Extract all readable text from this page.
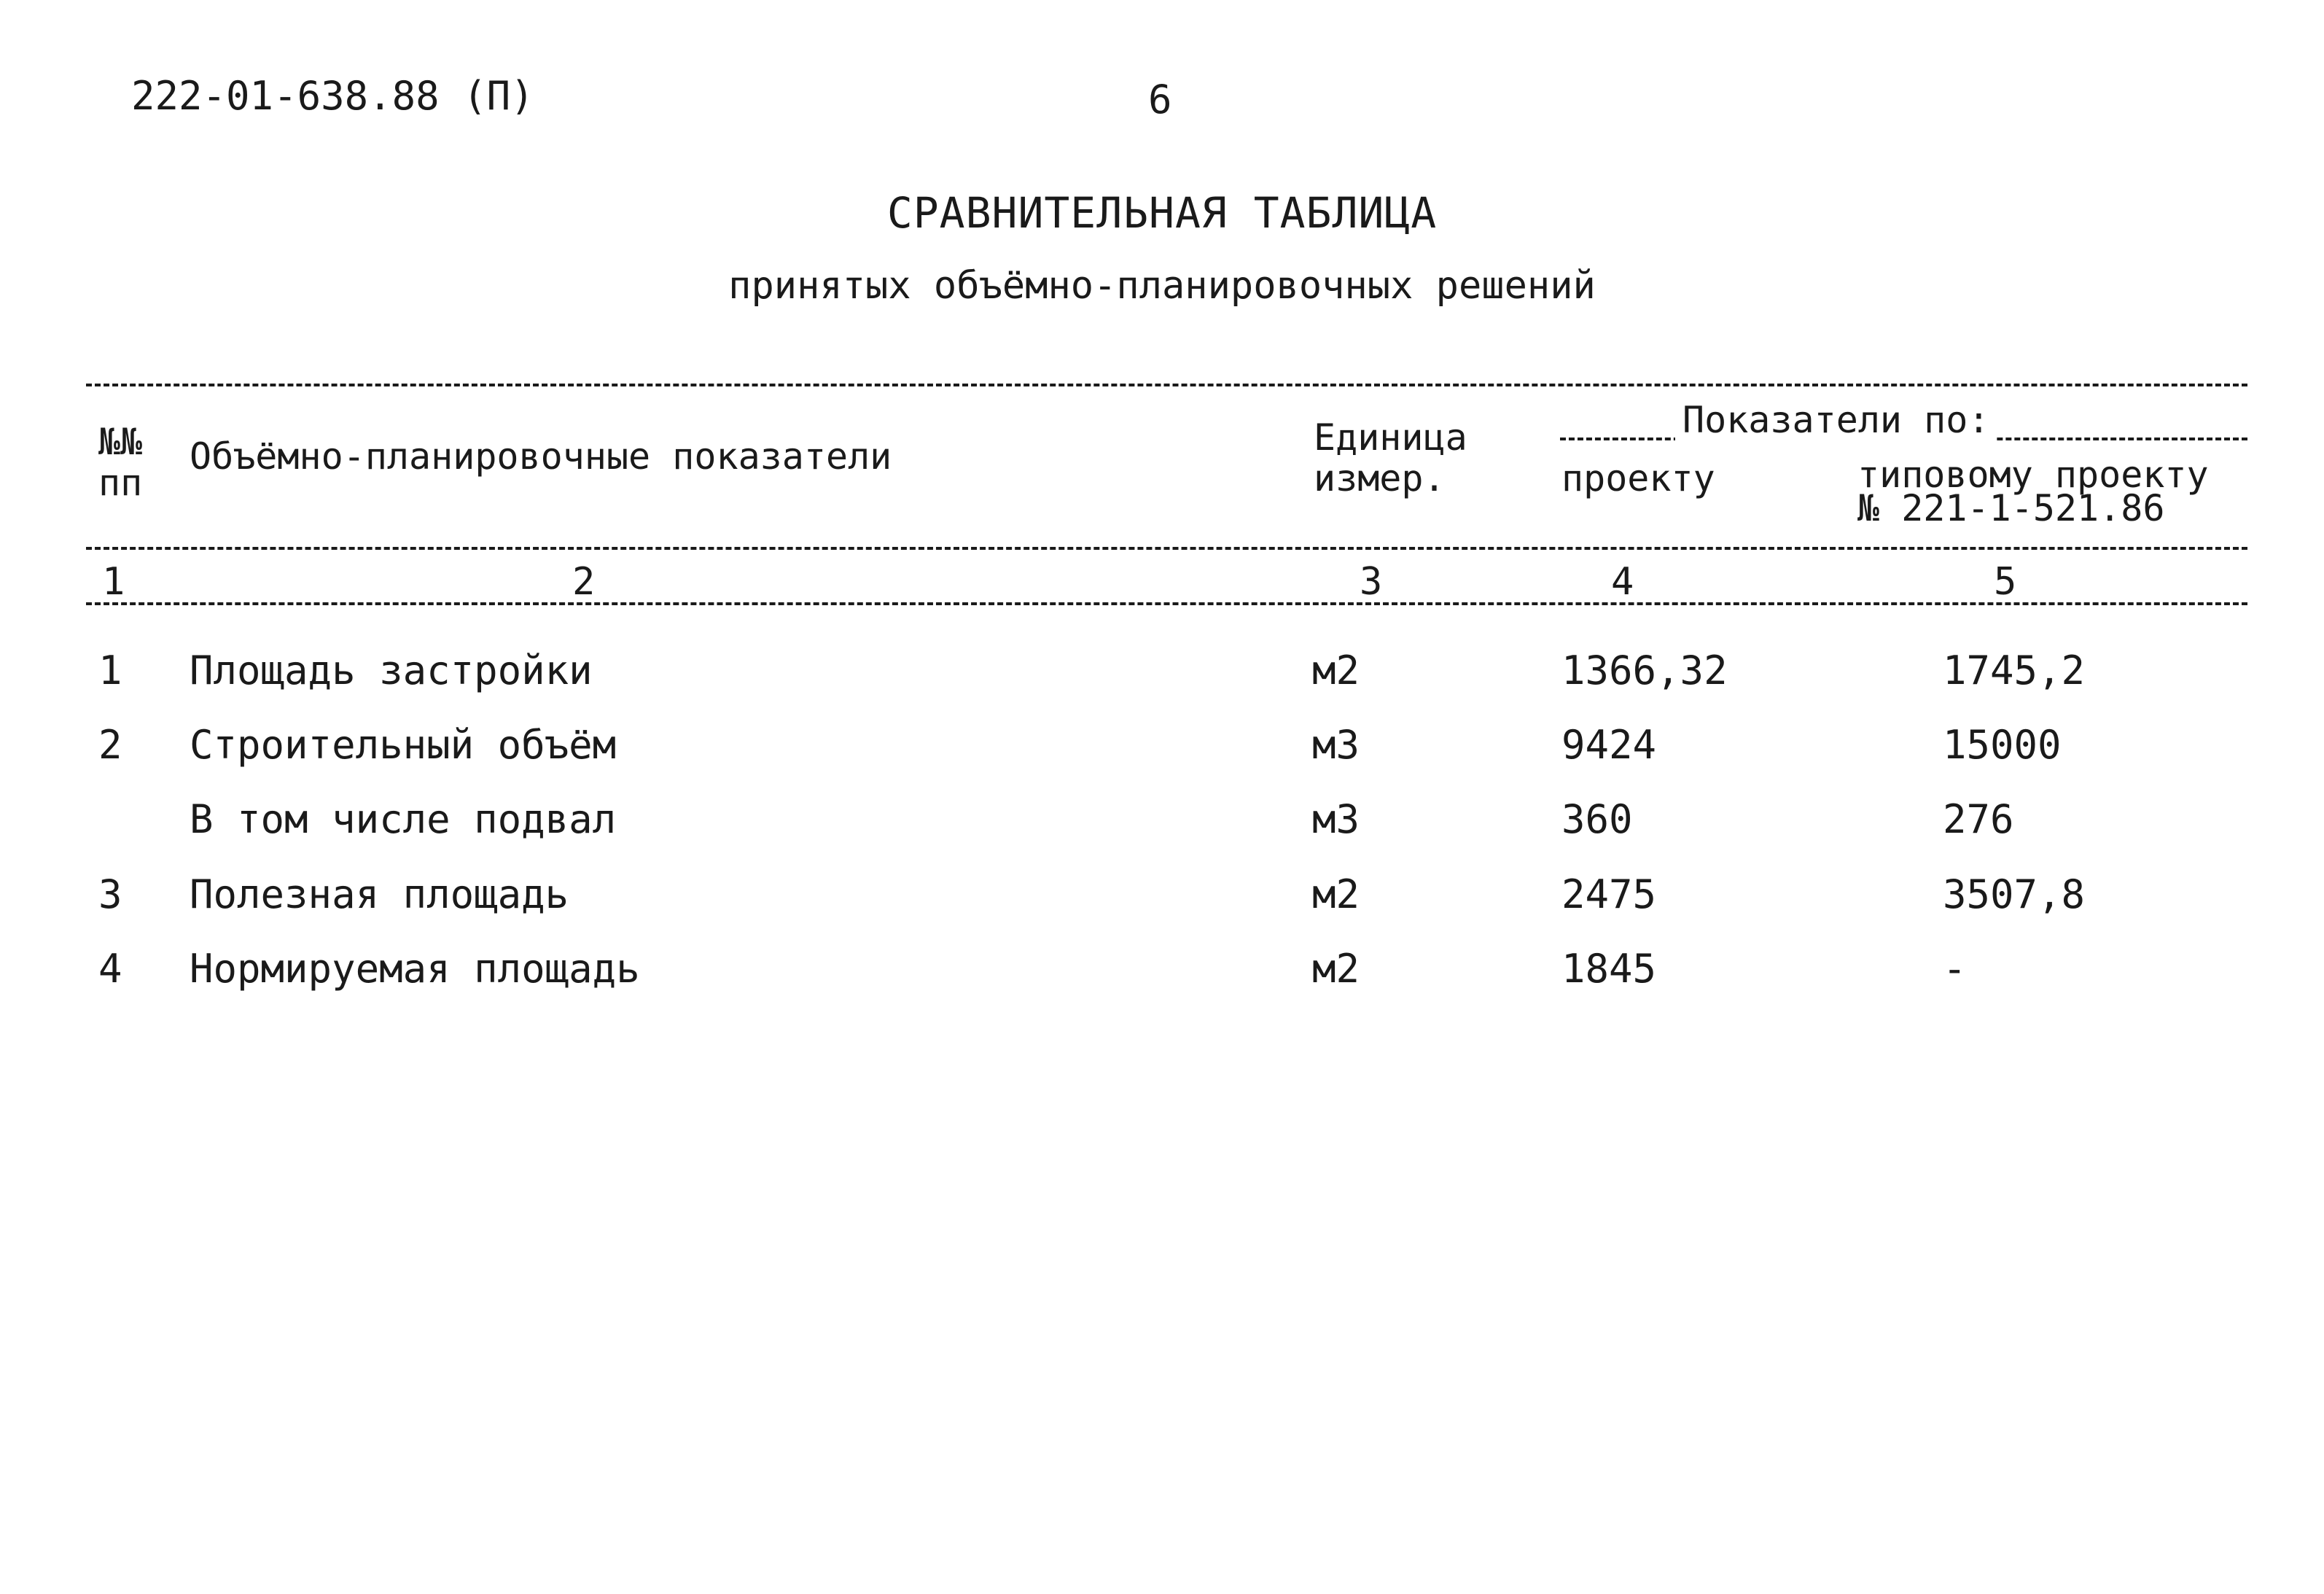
222-01-638.88 (П)	6
СРАВНИТЕЛЬНАЯ ТАБЛИЦА
принятых объёмно-планировочных решений
№№
пп
Объёмно-планировочные показатели	Единица
измер.
Показатели по:
проекту	типовому проекту
№ 221-1-521.86
1	2	3	4	5
1 Площадь застройки	м2	1366,32	1745,2
2 Строительный объём	м3	9424	15000
В том числе подвал	м3	360	276
3 Полезная площадь	м2	2475	3507,8
4 Нормируемая площадь	м2	1845	-
